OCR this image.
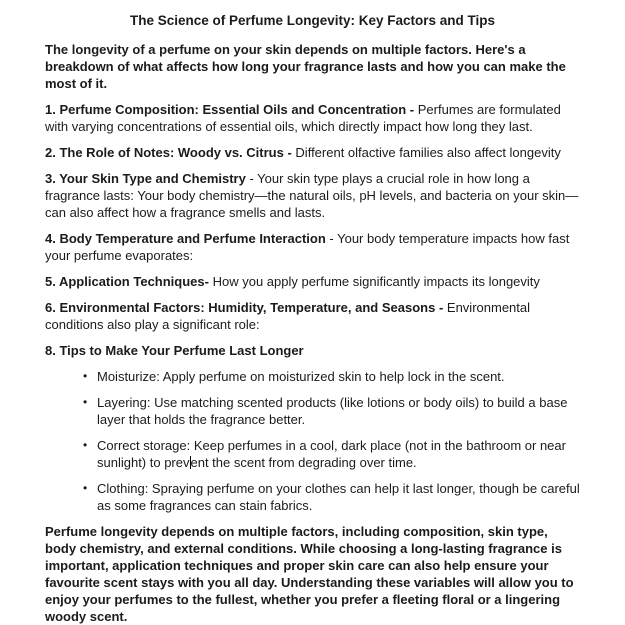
The Science of Perfume Longevity: Key Factors and Tips

The longevity of a perfume on your skin depends on multiple factors. Here's a breakdown of what affects how long your fragrance lasts and how you can make the most of it.

1. Perfume Composition: Essential Oils and Concentration - Perfumes are formulated with varying concentrations of essential oils, which directly impact how long they last.

2. The Role of Notes: Woody vs. Citrus - Different olfactive families also affect longevity

3. Your Skin Type and Chemistry - Your skin type plays a crucial role in how long a fragrance lasts: Your body chemistry—the natural oils, pH levels, and bacteria on your skin—can also affect how a fragrance smells and lasts.

4. Body Temperature and Perfume Interaction - Your body temperature impacts how fast your perfume evaporates:

5. Application Techniques- How you apply perfume significantly impacts its longevity

6. Environmental Factors: Humidity, Temperature, and Seasons - Environmental conditions also play a significant role:

8. Tips to Make Your Perfume Last Longer

• Moisturize: Apply perfume on moisturized skin to help lock in the scent.
• Layering: Use matching scented products (like lotions or body oils) to build a base layer that holds the fragrance better.
• Correct storage: Keep perfumes in a cool, dark place (not in the bathroom or near sunlight) to prevent the scent from degrading over time.
• Clothing: Spraying perfume on your clothes can help it last longer, though be careful as some fragrances can stain fabrics.

Perfume longevity depends on multiple factors, including composition, skin type, body chemistry, and external conditions. While choosing a long-lasting fragrance is important, application techniques and proper skin care can also help ensure your favourite scent stays with you all day. Understanding these variables will allow you to enjoy your perfumes to the fullest, whether you prefer a fleeting floral or a lingering woody scent.
